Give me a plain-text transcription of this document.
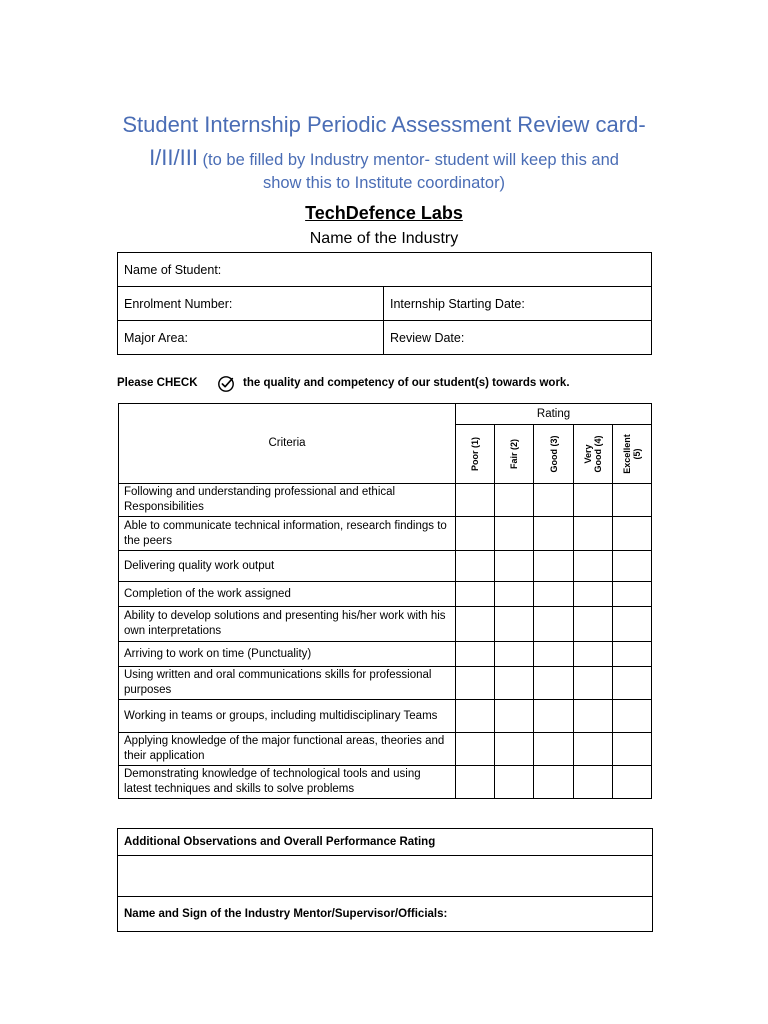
Student Internship Periodic Assessment Review card-
I/II/III (to be filled by Industry mentor- student will keep this and
show this to Institute coordinator)
TechDefence Labs
Name of the Industry
Name of Student:	
Enrolment Number:	Internship Starting Date:
Major Area:	Review Date:
Please CHECK	the quality and competency of our student(s) towards work.
Criteria	Rating				

	Poor (1)	Fair (2)	Good (3)	Very Good (4)	Excellent (5)

Following and understanding professional and ethical Responsibilities					
Able to communicate technical information, research findings to the peers					
Delivering quality work output					
Completion of the work assigned					
Ability to develop solutions and presenting his/her work with his own interpretations					
Arriving to work on time (Punctuality)					
Using written and oral communications skills for professional purposes					
Working in teams or groups, including multidisciplinary Teams					
Applying knowledge of the major functional areas, theories and their application					
Demonstrating knowledge of technological tools and using latest techniques and skills to solve problems					
Additional Observations and Overall Performance Rating

Name and Sign of the Industry Mentor/Supervisor/Officials:
